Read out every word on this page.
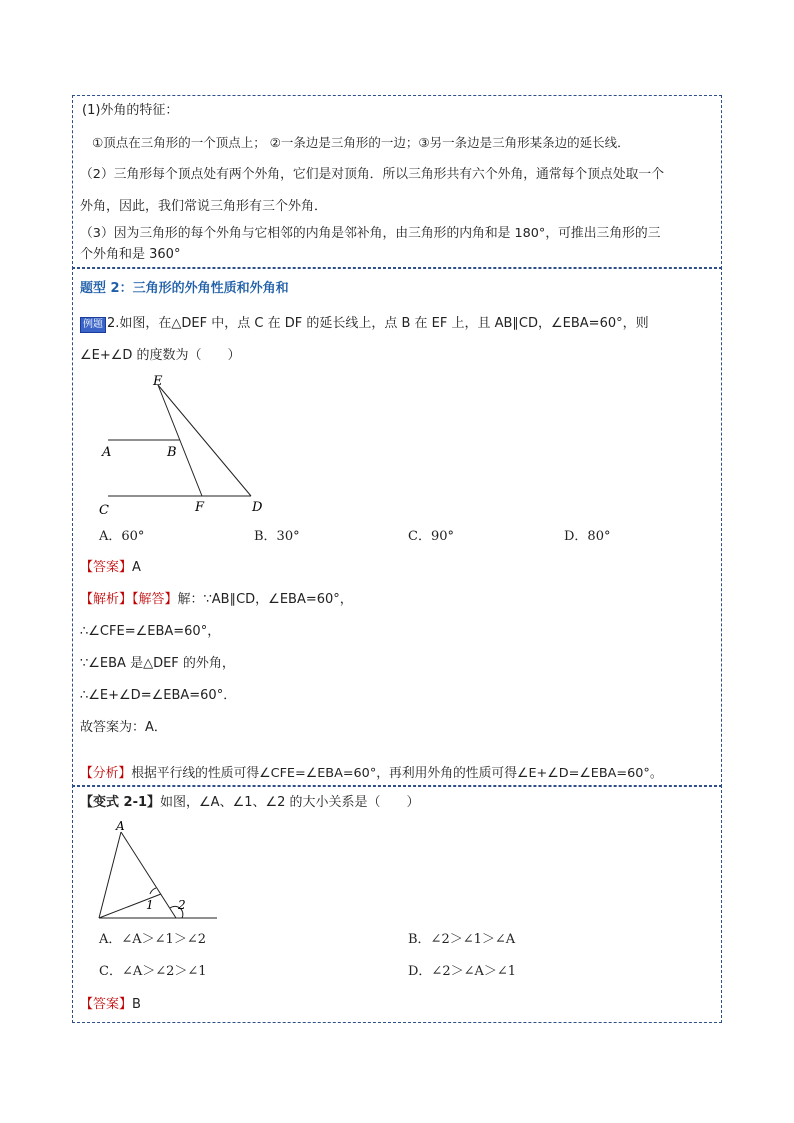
(1)外角的特征：
①顶点在三角形的一个顶点上； ②一条边是三角形的一边；③另一条边是三角形某条边的延长线．
（2）三角形每个顶点处有两个外角，它们是对顶角．所以三角形共有六个外角，通常每个顶点处取一个
外角，因此，我们常说三角形有三个外角．
（3）因为三角形的每个外角与它相邻的内角是邻补角，由三角形的内角和是 180°，可推出三角形的三
个外角和是 360°
题型 2：三角形的外角性质和外角和
例题 2.如图，在△DEF 中，点 C 在 DF 的延长线上，点 B 在 EF 上，且 AB∥CD，∠EBA=60°，则
∠E+∠D 的度数为（　　）
E
A	B
C	F	D
A．60°	B．30°	C．90°	D．80°
【答案】A
【解析】【解答】解：∵AB∥CD，∠EBA=60°，
∴∠CFE=∠EBA=60°，
∵∠EBA 是△DEF 的外角，
∴∠E+∠D=∠EBA=60°．
故答案为：A．
【分析】根据平行线的性质可得∠CFE=∠EBA=60°，再利用外角的性质可得∠E+∠D=∠EBA=60°。
【变式 2-1】如图，∠A、∠1、∠2 的大小关系是（　　）
A
1 2
A．∠A＞∠1＞∠2	B．∠2＞∠1＞∠A
C．∠A＞∠2＞∠1	D．∠2＞∠A＞∠1
【答案】B
